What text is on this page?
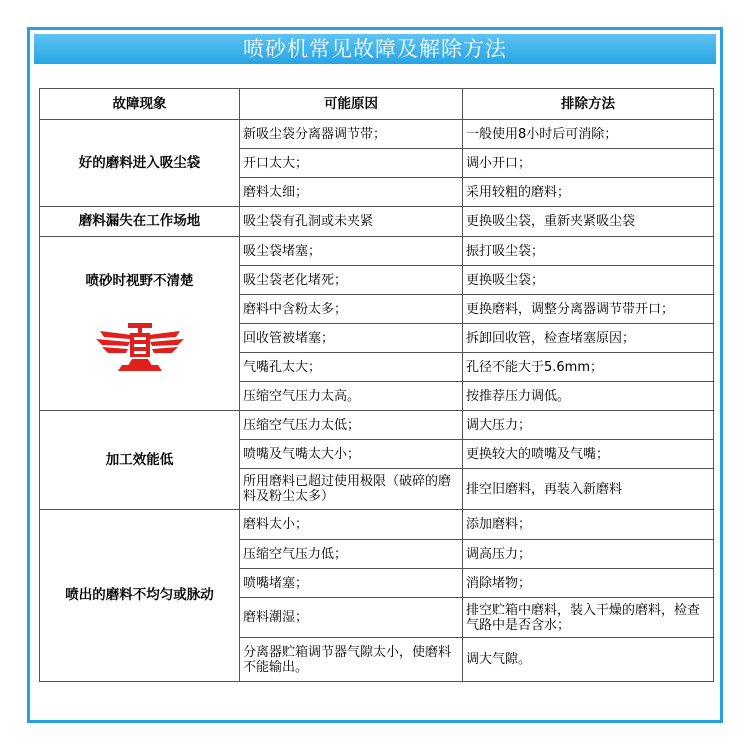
喷砂机常见故障及解除方法
故障现象	可能原因	排除方法
好的磨料进入吸尘袋	新吸尘袋分离器调节带；	一般使用8小时后可消除；
	开口太大；	调小开口；
	磨料太细；	采用较粗的磨料；
磨料漏失在工作场地	吸尘袋有孔洞或未夹紧	更换吸尘袋，重新夹紧吸尘袋
喷砂时视野不清楚	吸尘袋堵塞；	振打吸尘袋；
	吸尘袋老化堵死；	更换吸尘袋；
	磨料中含粉太多；	更换磨料，调整分离器调节带开口；
	回收管被堵塞；	拆卸回收管，检查堵塞原因；
	气嘴孔太大；	孔径不能大于5.6mm；
	压缩空气压力太高。	按推荐压力调低。
加工效能低	压缩空气压力太低；	调大压力；
	喷嘴及气嘴太大小；	更换较大的喷嘴及气嘴；
	所用磨料已超过使用极限（破碎的磨料及粉尘太多）	排空旧磨料，再装入新磨料
喷出的磨料不均匀或脉动	磨料太小；	添加磨料；
	压缩空气压力低；	调高压力；
	喷嘴堵塞；	消除堵物；
	磨料潮湿；	排空贮箱中磨料，装入干燥的磨料，检查气路中是否含水；
	分离器贮箱调节器气隙太小，使磨料不能输出。	调大气隙。
